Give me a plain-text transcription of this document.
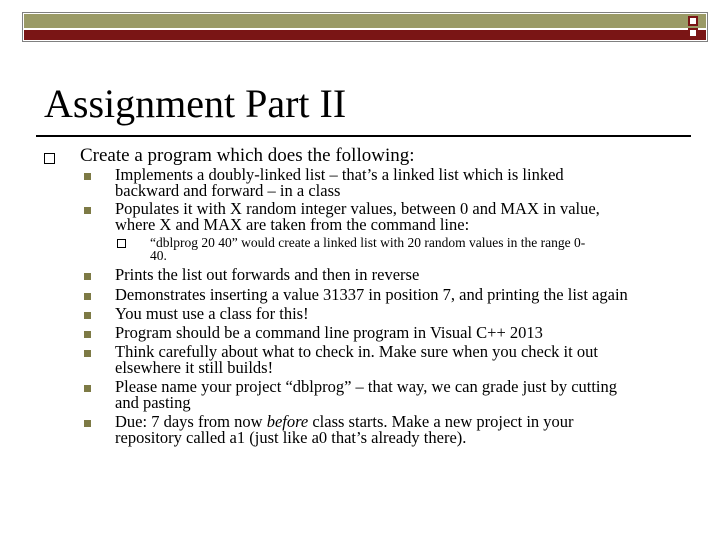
Assignment Part II
Create a program which does the following:
Implements a doubly-linked list – that’s a linked list which is linked
backward and forward – in a class
Populates it with X random integer values, between 0 and MAX in value,
where X and MAX are taken from the command line:
“dblprog 20 40” would create a linked list with 20 random values in the range 0-
40.
Prints the list out forwards and then in reverse
Demonstrates inserting a value 31337 in position 7, and printing the list again
You must use a class for this!
Program should be a command line program in Visual C++ 2013
Think carefully about what to check in. Make sure when you check it out
elsewhere it still builds!
Please name your project “dblprog” – that way, we can grade just by cutting
and pasting
Due: 7 days from now before class starts. Make a new project in your
repository called a1 (just like a0 that’s already there).
